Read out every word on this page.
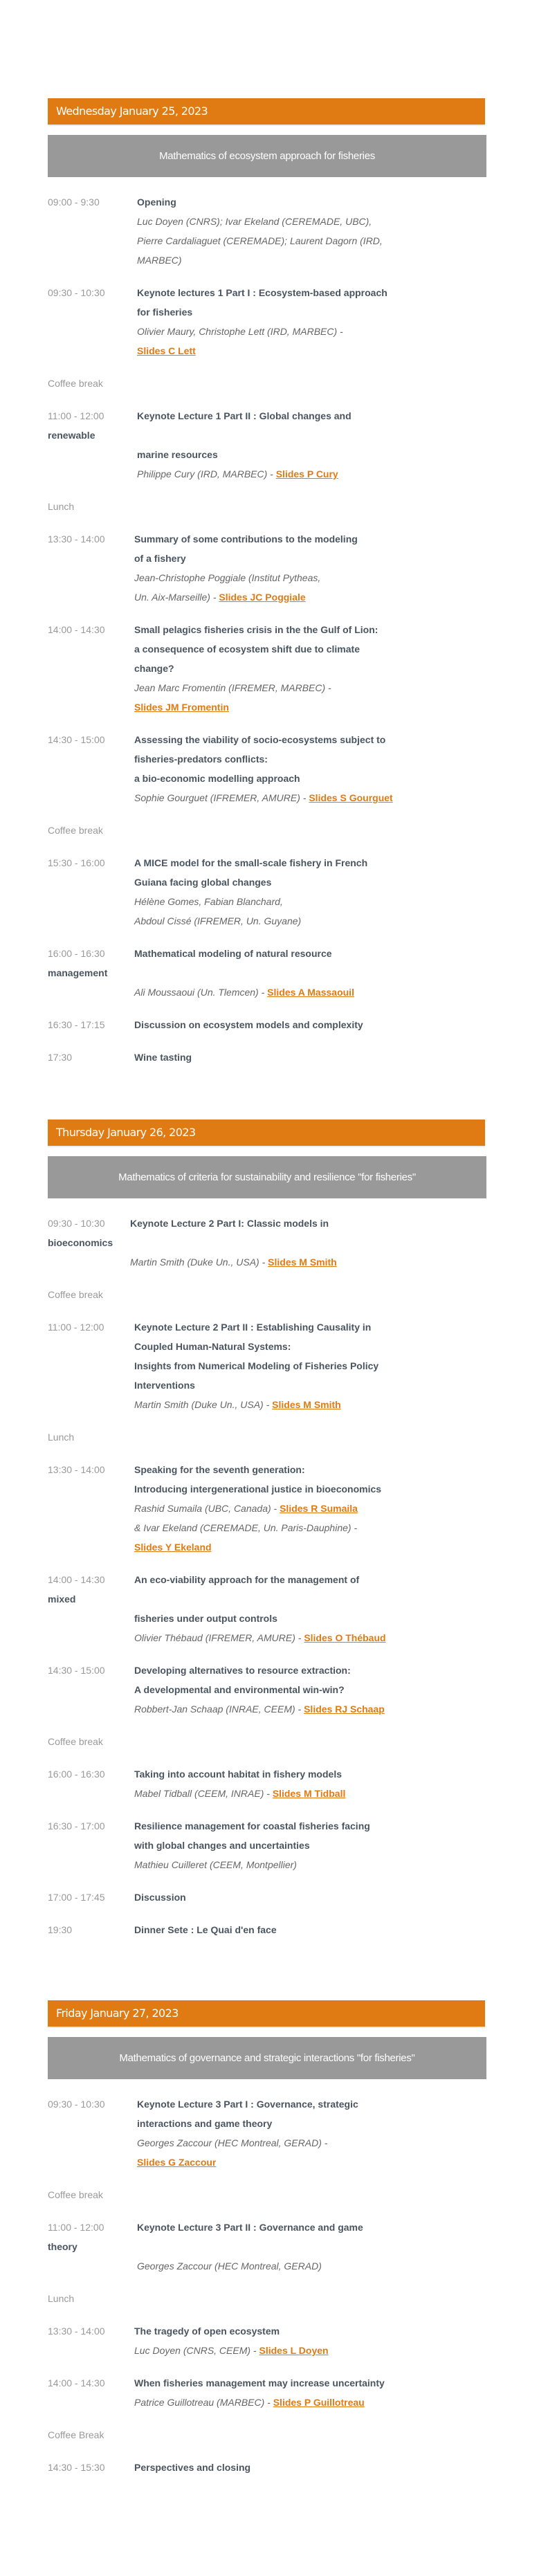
Wednesday January 25, 2023
Mathematics of ecosystem approach for fisheries
09:00 - 9:30	Opening
Luc Doyen (CNRS); Ivar Ekeland (CEREMADE, UBC),
Pierre Cardaliaguet (CEREMADE); Laurent Dagorn (IRD,
MARBEC)
09:30 - 10:30	Keynote lectures 1 Part I : Ecosystem-based approach
for fisheries
Olivier Maury, Christophe Lett (IRD, MARBEC) -
Slides C Lett
Coffee break
11:00 - 12:00	Keynote Lecture 1 Part II : Global changes and
renewable
marine resources
Philippe Cury (IRD, MARBEC) - Slides P Cury
Lunch
13:30 - 14:00	Summary of some contributions to the modeling
of a fishery
Jean-Christophe Poggiale (Institut Pytheas,
Un. Aix-Marseille) - Slides JC Poggiale
14:00 - 14:30	Small pelagics fisheries crisis in the the Gulf of Lion:
a consequence of ecosystem shift due to climate
change?
Jean Marc Fromentin (IFREMER, MARBEC) -
Slides JM Fromentin
14:30 - 15:00	Assessing the viability of socio-ecosystems subject to
fisheries-predators conflicts:
a bio-economic modelling approach
Sophie Gourguet (IFREMER, AMURE) - Slides S Gourguet
Coffee break
15:30 - 16:00	A MICE model for the small-scale fishery in French
Guiana facing global changes
Hélène Gomes, Fabian Blanchard,
Abdoul Cissé (IFREMER, Un. Guyane)
16:00 - 16:30	Mathematical modeling of natural resource
management
Ali Moussaoui (Un. Tlemcen) - Slides A Massaouil
16:30 - 17:15	Discussion on ecosystem models and complexity
17:30	Wine tasting
Thursday January 26, 2023
Mathematics of criteria for sustainability and resilience "for fisheries"
09:30 - 10:30	Keynote Lecture 2 Part I: Classic models in
bioeconomics
Martin Smith (Duke Un., USA) - Slides M Smith
Coffee break
11:00 - 12:00	Keynote Lecture 2 Part II : Establishing Causality in
Coupled Human-Natural Systems:
Insights from Numerical Modeling of Fisheries Policy
Interventions
Martin Smith (Duke Un., USA) - Slides M Smith
Lunch
13:30 - 14:00	Speaking for the seventh generation:
Introducing intergenerational justice in bioeconomics
Rashid Sumaila (UBC, Canada) - Slides R Sumaila
& Ivar Ekeland (CEREMADE, Un. Paris-Dauphine) -
Slides Y Ekeland
14:00 - 14:30	An eco-viability approach for the management of
mixed
fisheries under output controls
Olivier Thébaud (IFREMER, AMURE) - Slides O Thébaud
14:30 - 15:00	Developing alternatives to resource extraction:
A developmental and environmental win-win?
Robbert-Jan Schaap (INRAE, CEEM) - Slides RJ Schaap
Coffee break
16:00 - 16:30	Taking into account habitat in fishery models
Mabel Tidball (CEEM, INRAE) - Slides M Tidball
16:30 - 17:00	Resilience management for coastal fisheries facing
with global changes and uncertainties
Mathieu Cuilleret (CEEM, Montpellier)
17:00 - 17:45	Discussion
19:30	Dinner Sete : Le Quai d'en face
Friday January 27, 2023
Mathematics of governance and strategic interactions "for fisheries"
09:30 - 10:30	Keynote Lecture 3 Part I : Governance, strategic
interactions and game theory
Georges Zaccour (HEC Montreal, GERAD) -
Slides G Zaccour
Coffee break
11:00 - 12:00	Keynote Lecture 3 Part II : Governance and game
theory
Georges Zaccour (HEC Montreal, GERAD)
Lunch
13:30 - 14:00	The tragedy of open ecosystem
Luc Doyen (CNRS, CEEM) - Slides L Doyen
14:00 - 14:30	When fisheries management may increase uncertainty
Patrice Guillotreau (MARBEC) - Slides P Guillotreau
Coffee Break
14:30 - 15:30	Perspectives and closing
